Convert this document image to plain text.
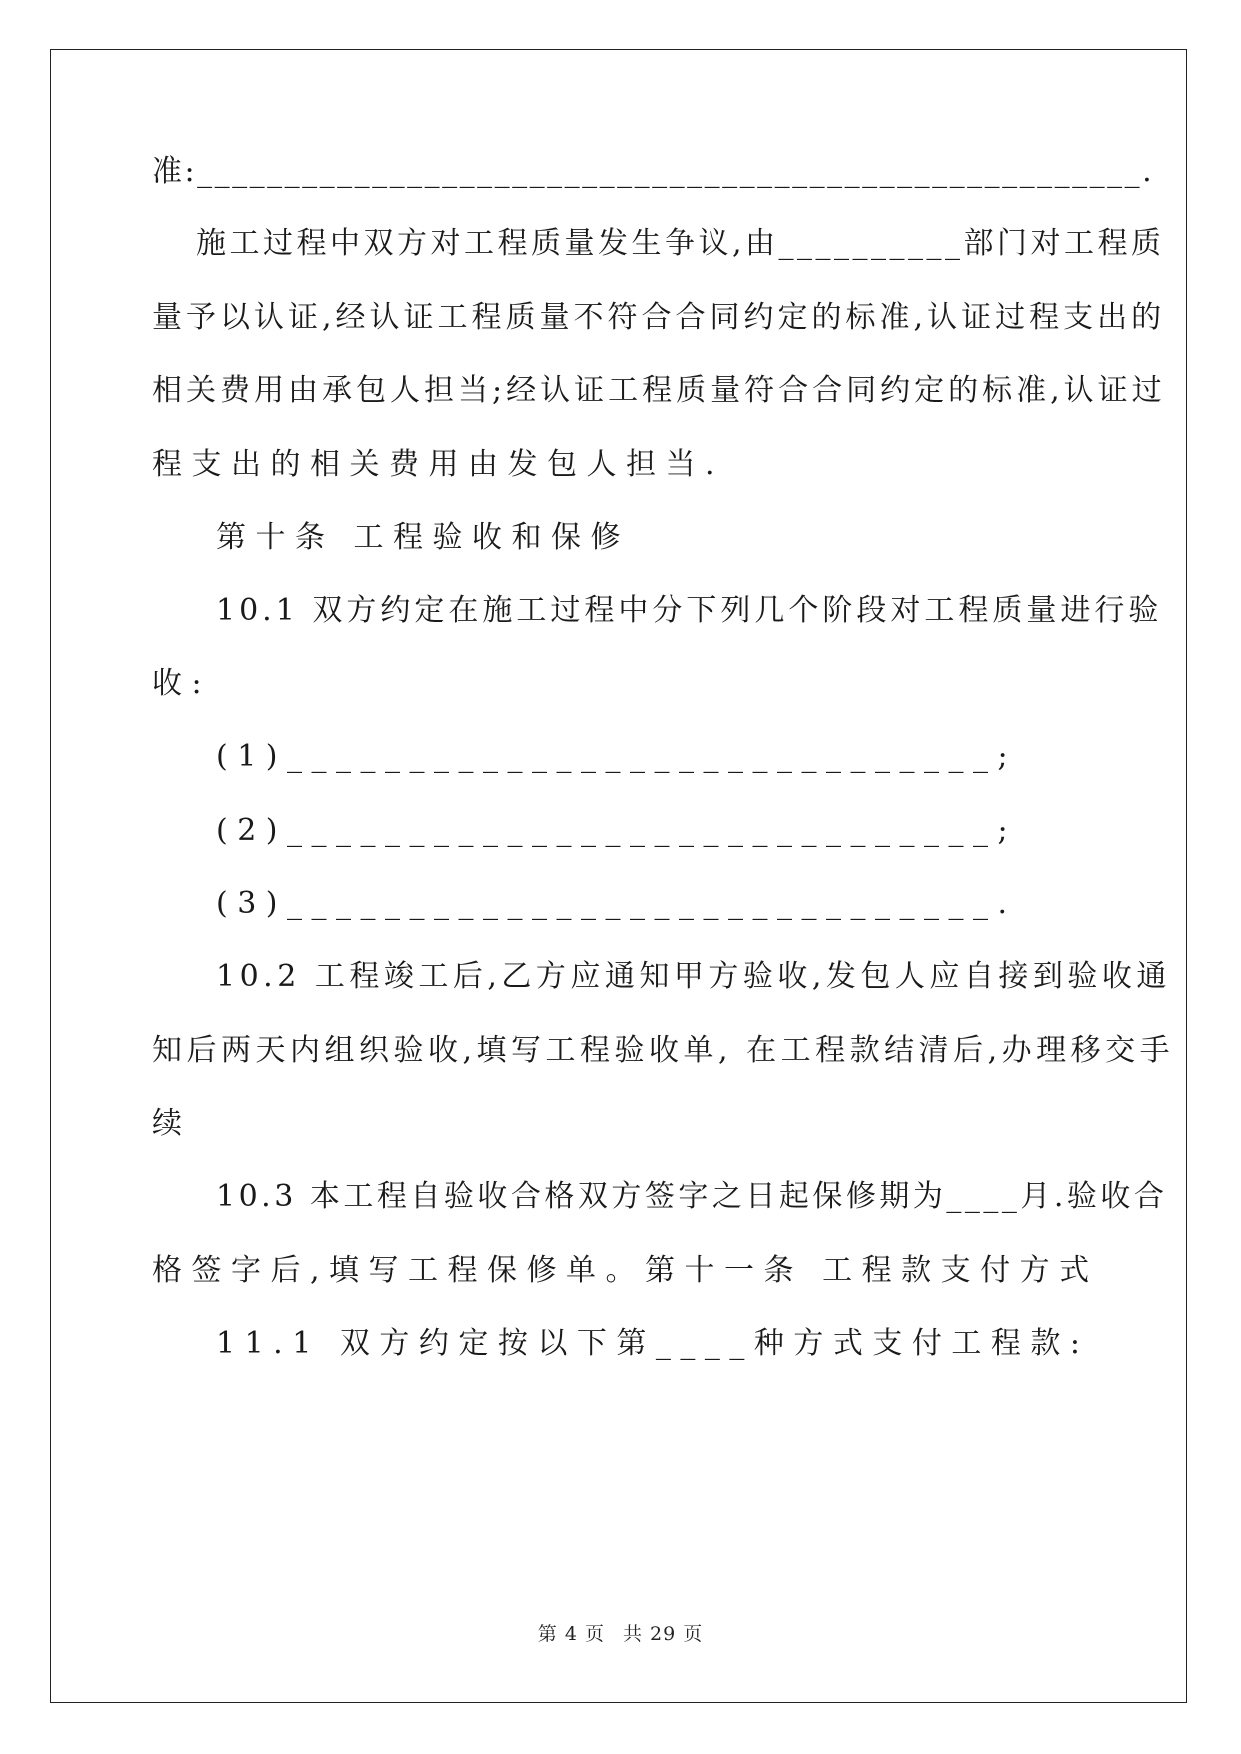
准:______________________________________________________.
施工过程中双方对工程质量发生争议,由__________部门对工程质
量予以认证,经认证工程质量不符合合同约定的标准,认证过程支出的
相关费用由承包人担当;经认证工程质量符合合同约定的标准,认证过
程支出的相关费用由发包人担当.
第十条 工程验收和保修
10.1 双方约定在施工过程中分下列几个阶段对工程质量进行验
收:
(1)_____________________________;
(2)_____________________________;
(3)_____________________________.
10.2 工程竣工后,乙方应通知甲方验收,发包人应自接到验收通
知后两天内组织验收,填写工程验收单, 在工程款结清后,办理移交手
续
10.3 本工程自验收合格双方签字之日起保修期为____月.验收合
格签字后,填写工程保修单。第十一条 工程款支付方式
11.1 双方约定按以下第____种方式支付工程款:
第 4 页 共 29 页
